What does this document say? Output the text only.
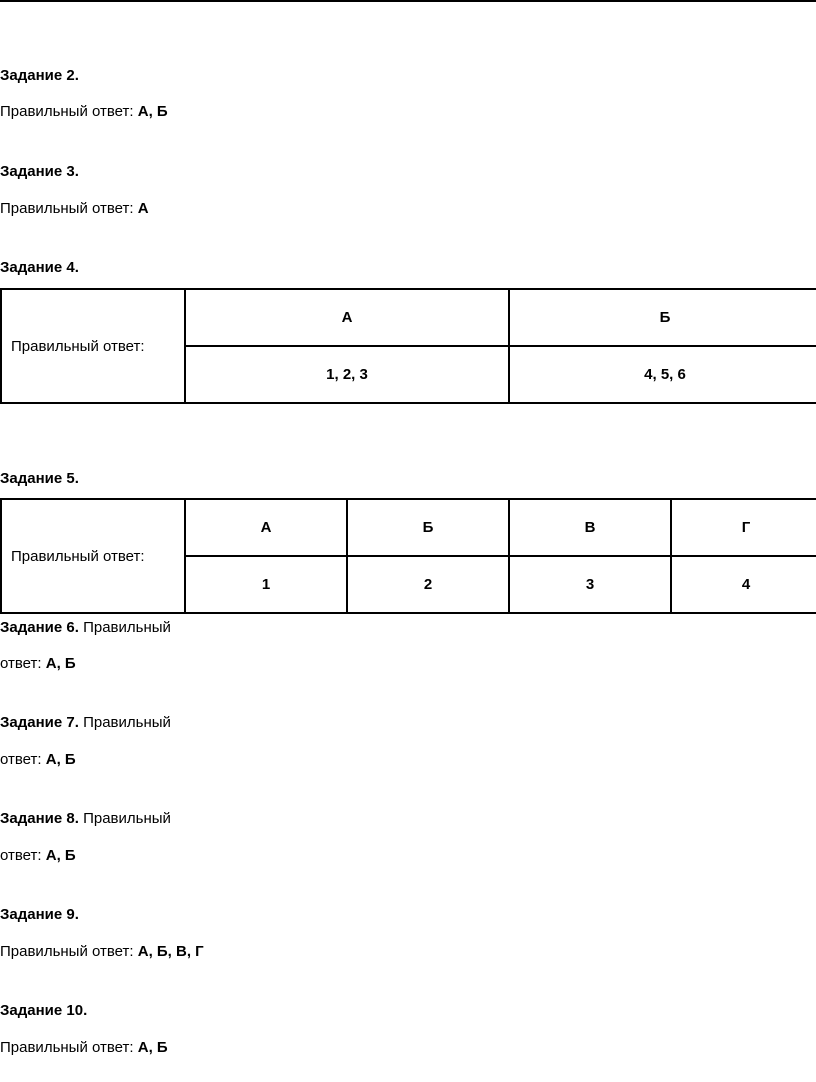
Задание 2.

Правильный ответ: А, Б

Задание 3.

Правильный ответ: А

Задание 4.

Правильный ответ:	А	Б
	1, 2, 3	4, 5, 6

Задание 5.

Правильный ответ:	А	Б	В	Г
	1	2	3	4

Задание 6. Правильный

ответ: А, Б

Задание 7. Правильный

ответ: А, Б

Задание 8. Правильный

ответ: А, Б

Задание 9.

Правильный ответ: А, Б, В, Г

Задание 10.

Правильный ответ: А, Б
